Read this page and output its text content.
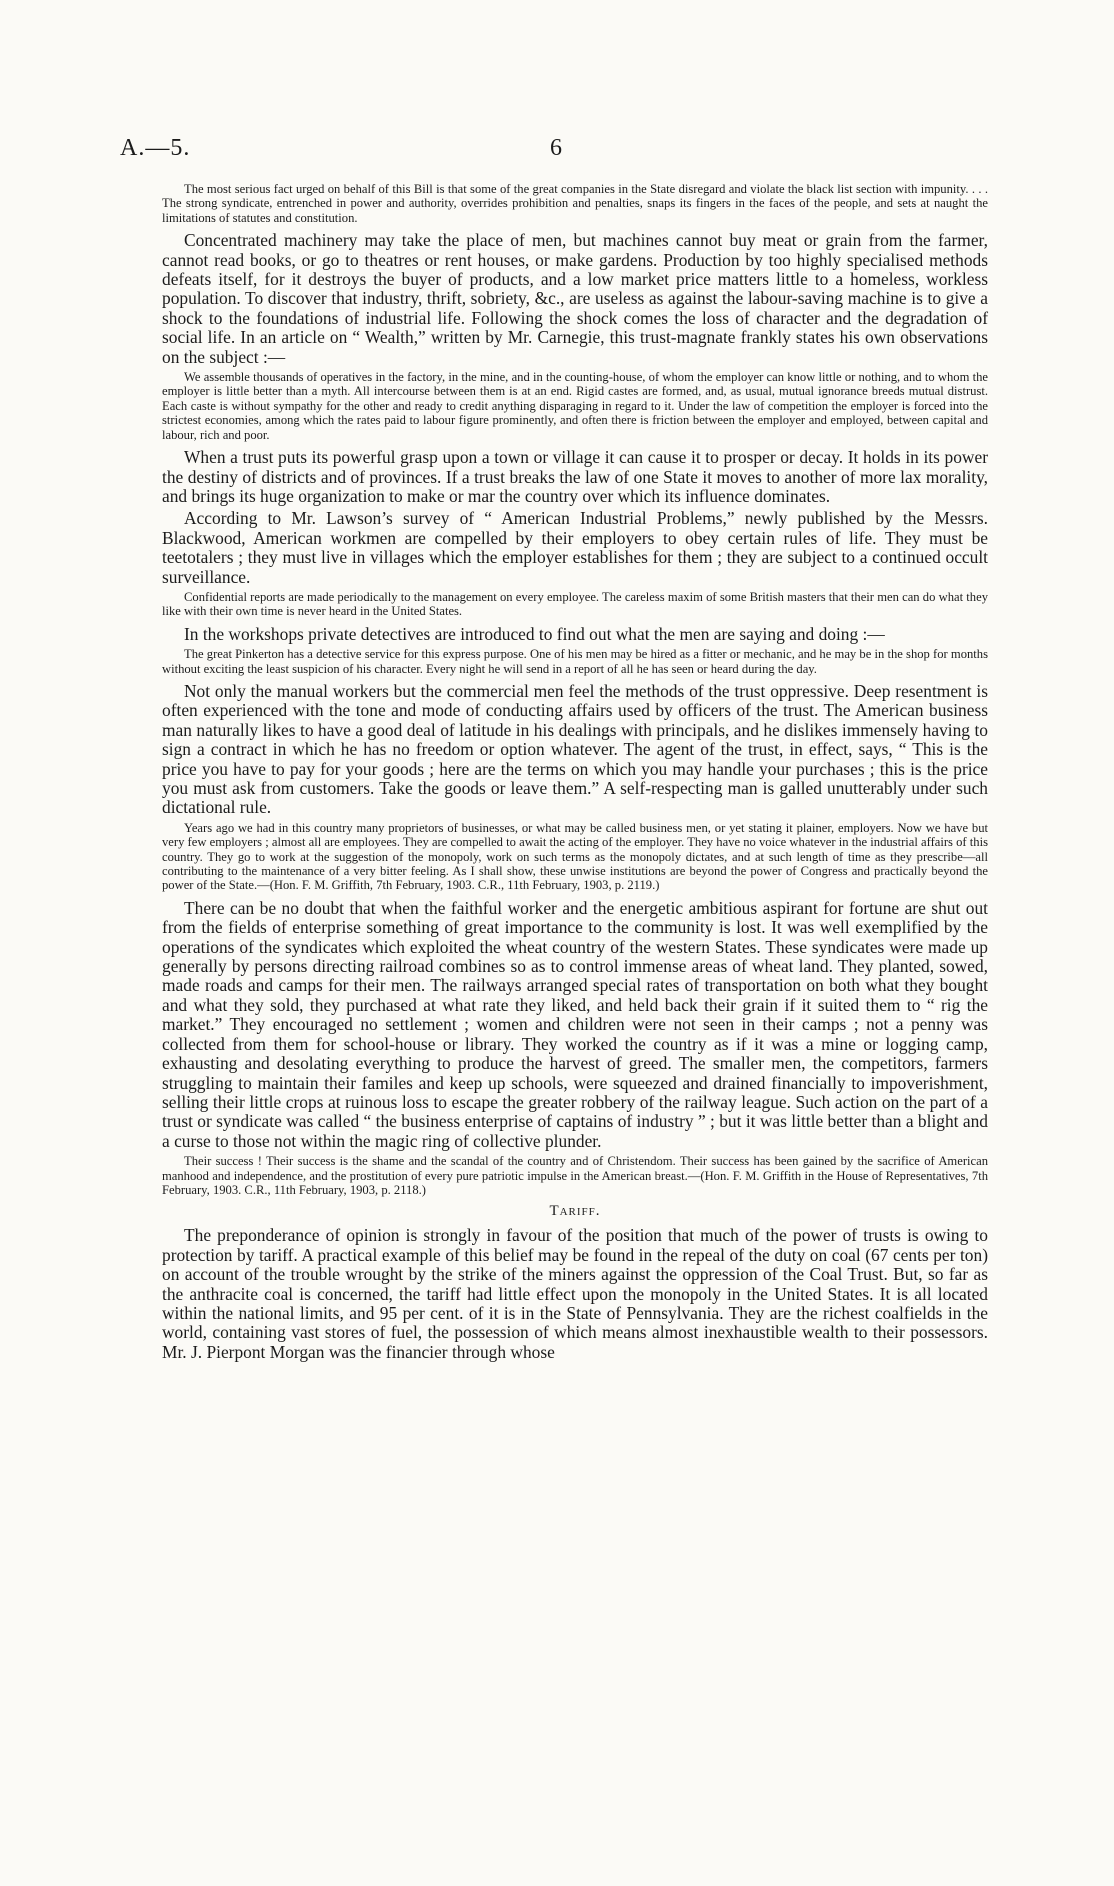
A.—5.	6

The most serious fact urged on behalf of this Bill is that some of the great companies in the State disregard and violate the black list section with impunity. . . . The strong syndicate, entrenched in power and authority, overrides prohibition and penalties, snaps its fingers in the faces of the people, and sets at naught the limitations of statutes and constitution.

Concentrated machinery may take the place of men, but machines cannot buy meat or grain from the farmer, cannot read books, or go to theatres or rent houses, or make gardens. Production by too highly specialised methods defeats itself, for it destroys the buyer of products, and a low market price matters little to a homeless, workless population. To discover that industry, thrift, sobriety, &c., are useless as against the labour-saving machine is to give a shock to the foundations of industrial life. Following the shock comes the loss of character and the degradation of social life. In an article on “ Wealth,” written by Mr. Carnegie, this trust-magnate frankly states his own observations on the subject :—

We assemble thousands of operatives in the factory, in the mine, and in the counting-house, of whom the employer can know little or nothing, and to whom the employer is little better than a myth. All intercourse between them is at an end. Rigid castes are formed, and, as usual, mutual ignorance breeds mutual distrust. Each caste is without sympathy for the other and ready to credit anything disparaging in regard to it. Under the law of competition the employer is forced into the strictest economies, among which the rates paid to labour figure prominently, and often there is friction between the employer and employed, between capital and labour, rich and poor.

When a trust puts its powerful grasp upon a town or village it can cause it to prosper or decay. It holds in its power the destiny of districts and of provinces. If a trust breaks the law of one State it moves to another of more lax morality, and brings its huge organization to make or mar the country over which its influence dominates.

According to Mr. Lawson’s survey of “ American Industrial Problems,” newly published by the Messrs. Blackwood, American workmen are compelled by their employers to obey certain rules of life. They must be teetotalers ; they must live in villages which the employer establishes for them ; they are subject to a continued occult surveillance.

Confidential reports are made periodically to the management on every employee. The careless maxim of some British masters that their men can do what they like with their own time is never heard in the United States.

In the workshops private detectives are introduced to find out what the men are saying and doing :—

The great Pinkerton has a detective service for this express purpose. One of his men may be hired as a fitter or mechanic, and he may be in the shop for months without exciting the least suspicion of his character. Every night he will send in a report of all he has seen or heard during the day.

Not only the manual workers but the commercial men feel the methods of the trust oppressive. Deep resentment is often experienced with the tone and mode of conducting affairs used by officers of the trust. The American business man naturally likes to have a good deal of latitude in his dealings with principals, and he dislikes immensely having to sign a contract in which he has no freedom or option whatever. The agent of the trust, in effect, says, “ This is the price you have to pay for your goods ; here are the terms on which you may handle your purchases ; this is the price you must ask from customers. Take the goods or leave them.” A self-respecting man is galled unutterably under such dictational rule.

Years ago we had in this country many proprietors of businesses, or what may be called business men, or yet stating it plainer, employers. Now we have but very few employers ; almost all are employees. They are compelled to await the acting of the employer. They have no voice whatever in the industrial affairs of this country. They go to work at the suggestion of the monopoly, work on such terms as the monopoly dictates, and at such length of time as they prescribe—all contributing to the maintenance of a very bitter feeling. As I shall show, these unwise institutions are beyond the power of Congress and practically beyond the power of the State.—(Hon. F. M. Griffith, 7th February, 1903. C.R., 11th February, 1903, p. 2119.)

There can be no doubt that when the faithful worker and the energetic ambitious aspirant for fortune are shut out from the fields of enterprise something of great importance to the community is lost. It was well exemplified by the operations of the syndicates which exploited the wheat country of the western States. These syndicates were made up generally by persons directing railroad combines so as to control immense areas of wheat land. They planted, sowed, made roads and camps for their men. The railways arranged special rates of transportation on both what they bought and what they sold, they purchased at what rate they liked, and held back their grain if it suited them to “ rig the market.” They encouraged no settlement ; women and children were not seen in their camps ; not a penny was collected from them for school-house or library. They worked the country as if it was a mine or logging camp, exhausting and desolating everything to produce the harvest of greed. The smaller men, the competitors, farmers struggling to maintain their familes and keep up schools, were squeezed and drained financially to impoverishment, selling their little crops at ruinous loss to escape the greater robbery of the railway league. Such action on the part of a trust or syndicate was called “ the business enterprise of captains of industry ” ; but it was little better than a blight and a curse to those not within the magic ring of collective plunder.

Their success ! Their success is the shame and the scandal of the country and of Christendom. Their success has been gained by the sacrifice of American manhood and independence, and the prostitution of every pure patriotic impulse in the American breast.—(Hon. F. M. Griffith in the House of Representatives, 7th February, 1903. C.R., 11th February, 1903, p. 2118.)

Tariff.

The preponderance of opinion is strongly in favour of the position that much of the power of trusts is owing to protection by tariff. A practical example of this belief may be found in the repeal of the duty on coal (67 cents per ton) on account of the trouble wrought by the strike of the miners against the oppression of the Coal Trust. But, so far as the anthracite coal is concerned, the tariff had little effect upon the monopoly in the United States. It is all located within the national limits, and 95 per cent. of it is in the State of Pennsylvania. They are the richest coalfields in the world, containing vast stores of fuel, the possession of which means almost inexhaustible wealth to their possessors. Mr. J. Pierpont Morgan was the financier through whose
